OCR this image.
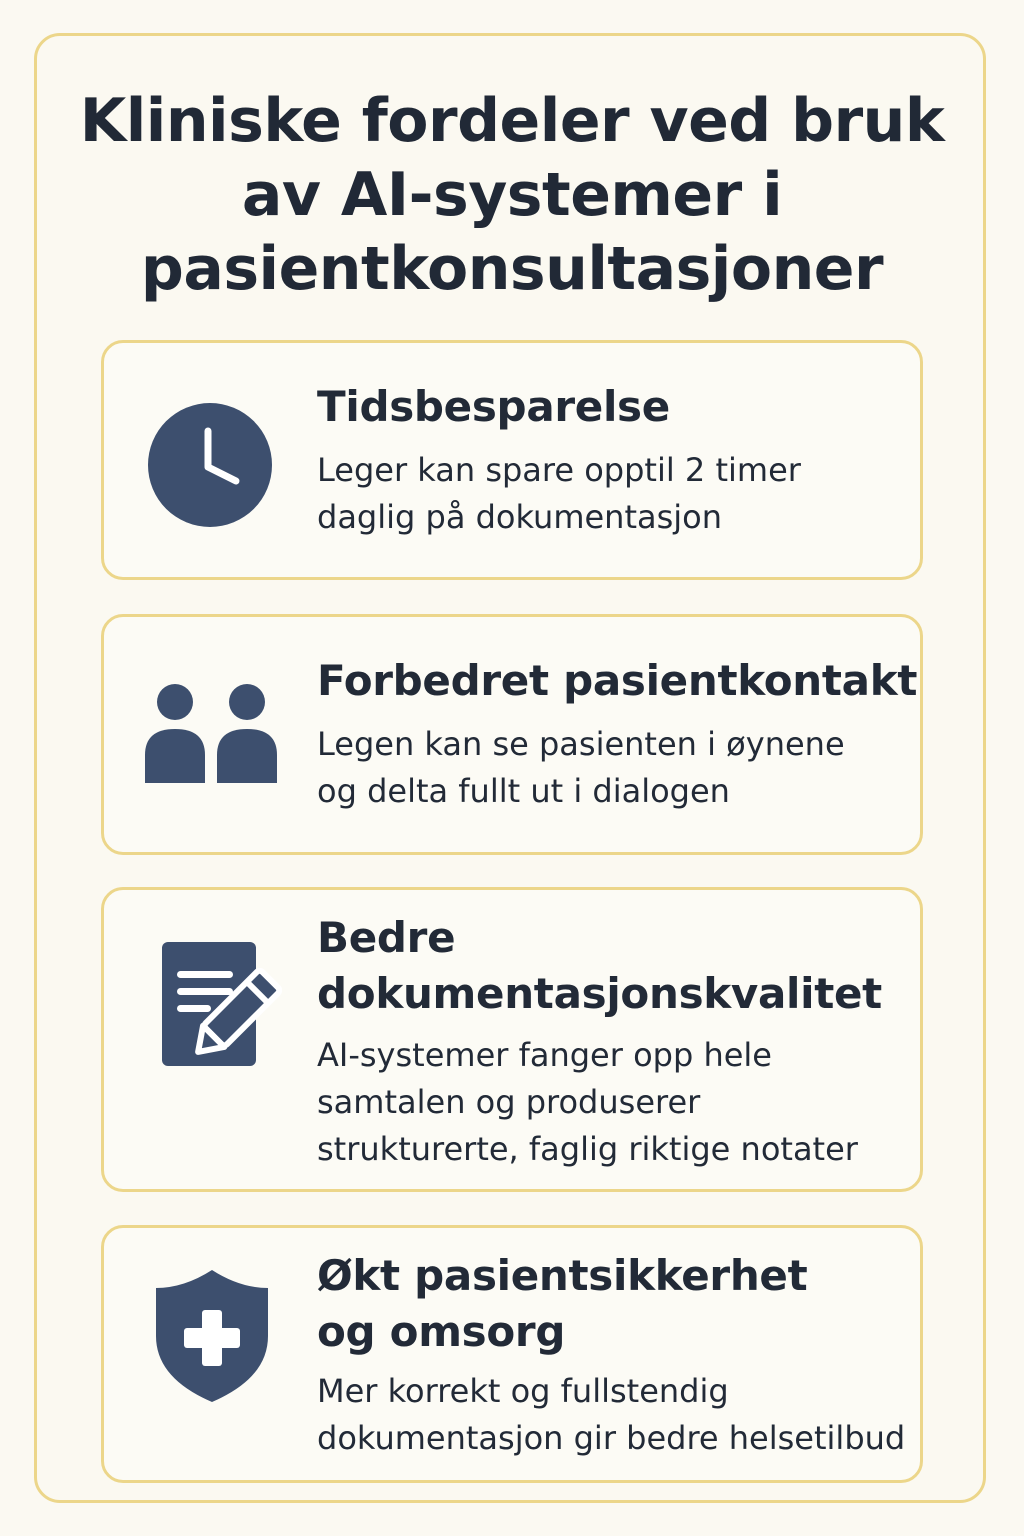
Kliniske fordeler ved bruk
av AI-systemer i
pasientkonsultasjoner
Tidsbesparelse

Leger kan spare opptil 2 timer
daglig på dokumentasjon

Forbedret pasientkontakt

Legen kan se pasienten i øynene
og delta fullt ut i dialogen

Bedre
dokumentasjonskvalitet

AI-systemer fanger opp hele
samtalen og produserer
strukturerte, faglig riktige notater

Økt pasientsikkerhet
og omsorg

Mer korrekt og fullstendig
dokumentasjon gir bedre helsetilbud
